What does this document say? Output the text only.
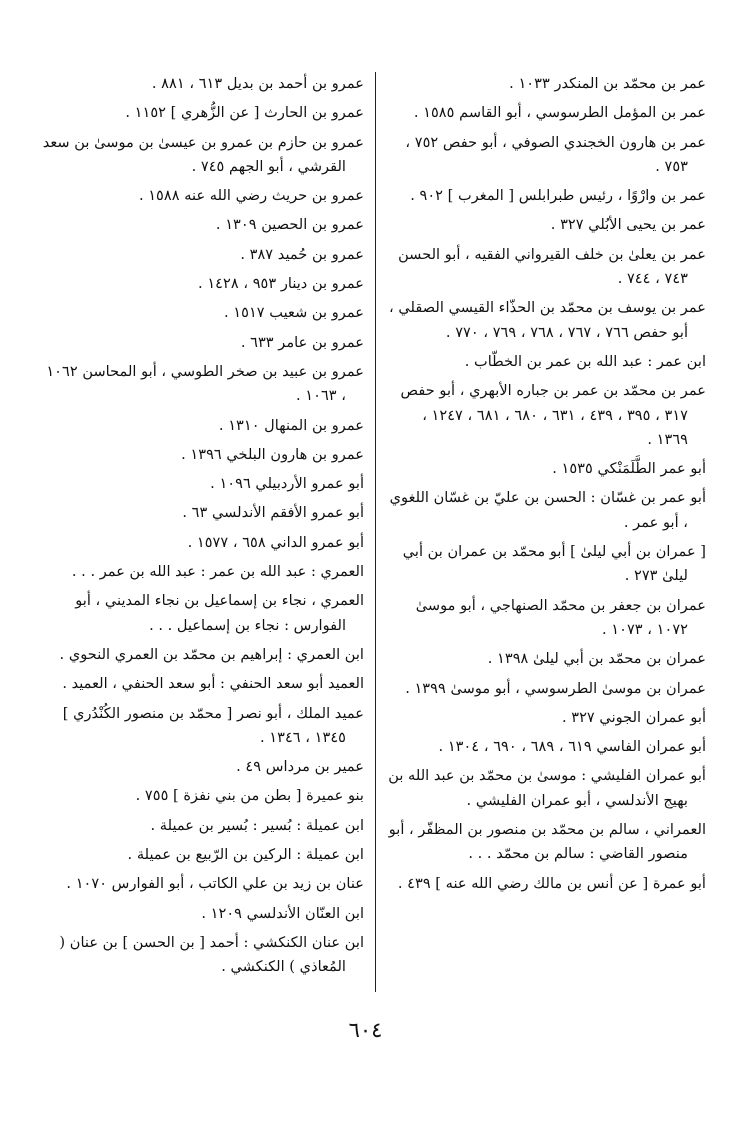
عمر بن محمّد بن المنكدر ١٠٣٣ .

عمر بن المؤمل الطرسوسي ، أبو القاسم ١٥٨٥ .

عمر بن هارون الخجندي الصوفي ، أبو حفص ٧٥٢ ، ٧٥٣ .

عمر بن وارْوًا ، رئيس طبرابلس [ المغرب ] ٩٠٢ .

عمر بن يحيى الأبُلي ٣٢٧ .

عمر بن يعلىٰ بن خلف القيرواني الفقيه ، أبو الحسن ٧٤٣ ، ٧٤٤ .

عمر بن يوسف بن محمّد بن الحذّاء القيسي الصقلي ، أبو حفص ٧٦٦ ، ٧٦٧ ، ٧٦٨ ، ٧٦٩ ، ٧٧٠ .

ابن عمر : عبد الله بن عمر بن الخطّاب .

عمر بن محمّد بن عمر بن جباره الأبهري ، أبو حفص ٣١٧ ، ٣٩٥ ، ٤٣٩ ، ٦٣١ ، ٦٨٠ ، ٦٨١ ، ١٢٤٧ ، ١٣٦٩ .

أبو عمر الطَّلَمَنْكي ١٥٣٥ .

أبو عمر بن غسّان : الحسن بن عليّ بن غسّان اللغوي ، أبو عمر .

[ عمران بن أبي ليلىٰ ] أبو محمّد بن عمران بن أبي ليلىٰ ٢٧٣ .

عمران بن جعفر بن محمّد الصنهاجي ، أبو موسىٰ ١٠٧٢ ، ١٠٧٣ .

عمران بن محمّد بن أبي ليلىٰ ١٣٩٨ .

عمران بن موسىٰ الطرسوسي ، أبو موسىٰ ١٣٩٩ .

أبو عمران الجوني ٣٢٧ .

أبو عمران الفاسي ٦١٩ ، ٦٨٩ ، ٦٩٠ ، ١٣٠٤ .

أبو عمران الفليشي : موسىٰ بن محمّد بن عبد الله بن بهيج الأندلسي ، أبو عمران الفليشي .

العمراني ، سالم بن محمّد بن منصور بن المظفّر ، أبو منصور القاضي : سالم بن محمّد . . .

أبو عمرة [ عن أنس بن مالك رضي الله عنه ] ٤٣٩ .

عمرو بن أحمد بن بديل ٦١٣ ، ٨٨١ .

عمرو بن الحارث [ عن الزُّهري ] ١١٥٢ .

عمرو بن حازم بن عمرو بن عيسىٰ بن موسىٰ بن سعد القرشي ، أبو الجهم ٧٤٥ .

عمرو بن حريث رضي الله عنه ١٥٨٨ .

عمرو بن الحصين ١٣٠٩ .

عمرو بن حُميد ٣٨٧ .

عمرو بن دينار ٩٥٣ ، ١٤٢٨ .

عمرو بن شعيب ١٥١٧ .

عمرو بن عامر ٦٣٣ .

عمرو بن عبيد بن صخر الطوسي ، أبو المحاسن ١٠٦٢ ، ١٠٦٣ .

عمرو بن المنهال ١٣١٠ .

عمرو بن هارون البلخي ١٣٩٦ .

أبو عمرو الأردبيلي ١٠٩٦ .

أبو عمرو الأفقم الأندلسي ٦٣ .

أبو عمرو الداني ٦٥٨ ، ١٥٧٧ .

العمري : عبد الله بن عمر : عبد الله بن عمر . . .

العمري ، نجاء بن إسماعيل بن نجاء المديني ، أبو الفوارس : نجاء بن إسماعيل . . .

ابن العمري : إبراهيم بن محمّد بن العمري النحوي .

العميد أبو سعد الحنفي : أبو سعد الحنفي ، العميد .

عميد الملك ، أبو نصر [ محمّد بن منصور الكُنْدُري ] ١٣٤٥ ، ١٣٤٦ .

عمير بن مرداس ٤٩ .

بنو عميرة [ بطن من بني نفزة ] ٧٥٥ .

ابن عميلة : بُسير : بُسير بن عميلة .

ابن عميلة : الركين بن الرّبيع بن عميلة .

عنان بن زيد بن علي الكاتب ، أبو الفوارس ١٠٧٠ .

ابن العنّان الأندلسي ١٢٠٩ .

ابن عنان الكنكشي : أحمد [ بن الحسن ] بن عنان ( المُعاذي ) الكنكشي .

٦٠٤
